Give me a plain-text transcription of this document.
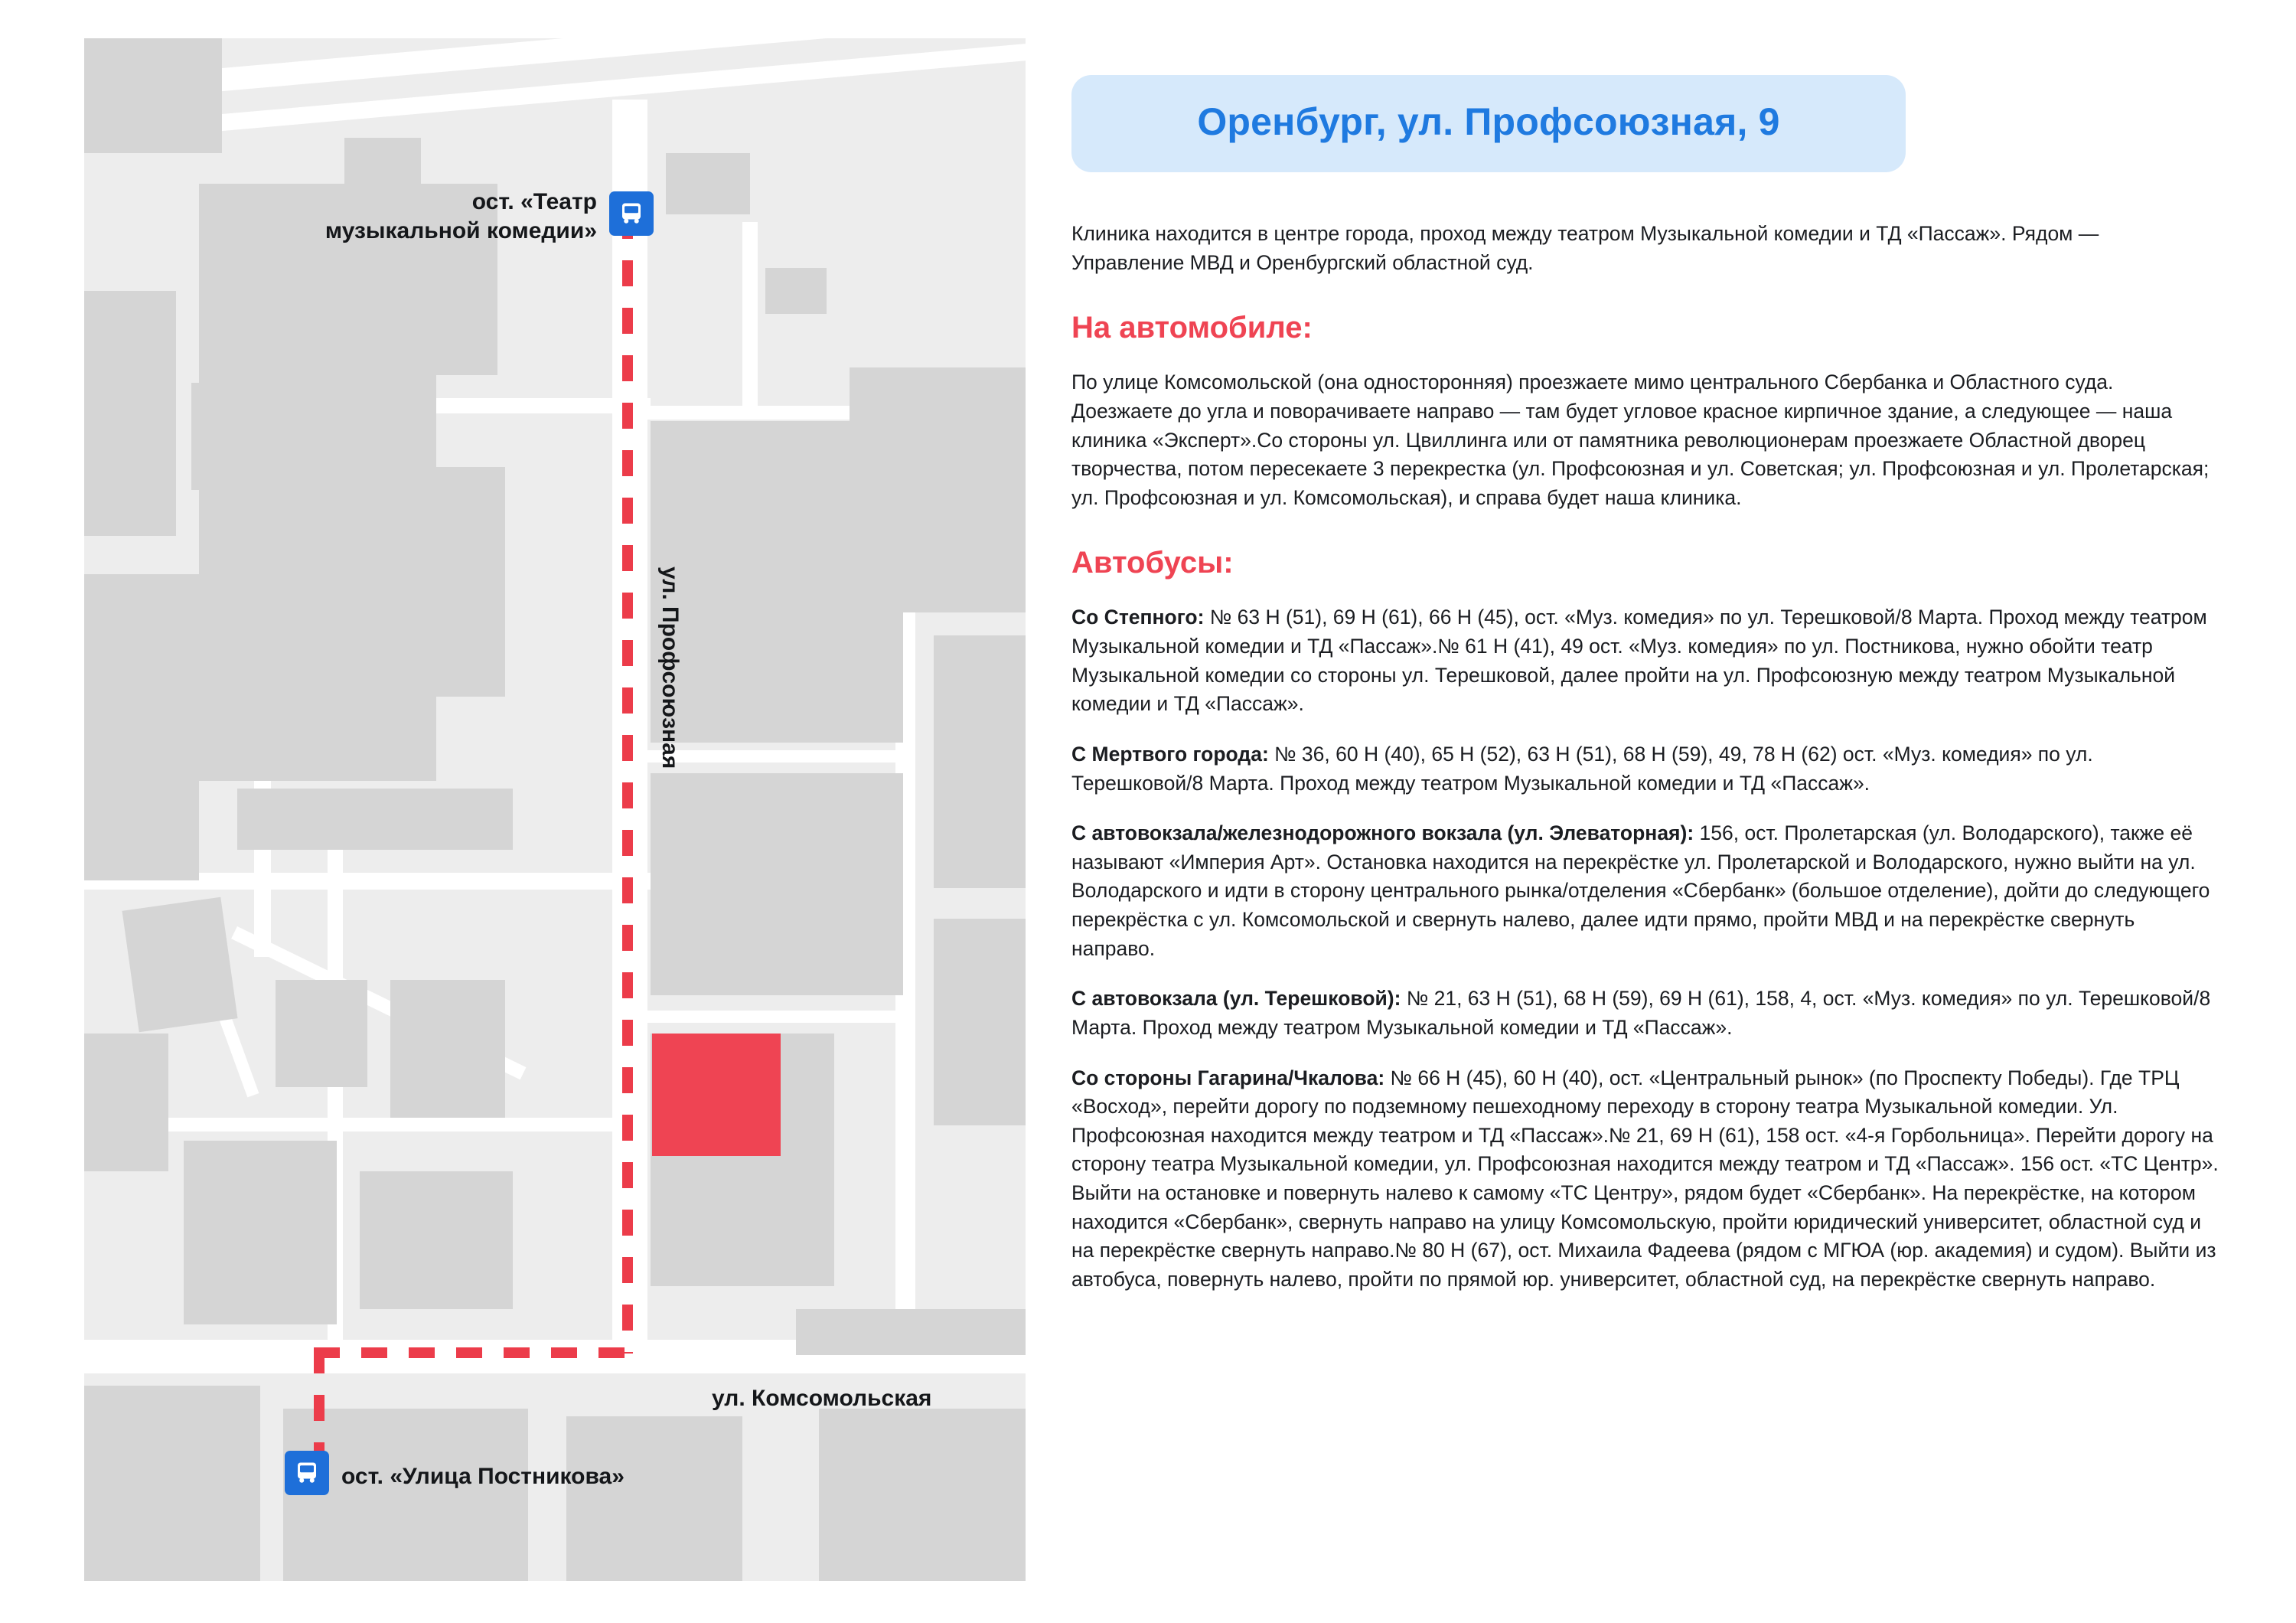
ост. «Театр
музыкальной комедии»
ост. «Улица Постникова»
ул. Профсоюзная
ул. Комсомольская
Оренбург, ул. Профсоюзная, 9
Клиника находится в центре города, проход между театром Музыкальной комедии и ТД «Пассаж». Рядом — Управление МВД и Оренбургский областной суд.
На автомобиле:

По улице Комсомольской (она односторонняя) проезжаете мимо центрального Сбербанка и Областного суда. Доезжаете до угла и поворачиваете направо — там будет угловое красное кирпичное здание, а следующее — наша клиника «Эксперт».Со стороны ул. Цвиллинга или от памятника революционерам проезжаете Областной дворец творчества, потом пересекаете 3 перекрестка (ул. Профсоюзная и ул. Советская; ул. Профсоюзная и ул. Пролетарская; ул. Профсоюзная и ул. Комсомольская), и справа будет наша клиника.

Автобусы:

Со Степного: № 63 Н (51), 69 Н (61), 66 Н (45), ост. «Муз. комедия» по ул. Терешковой/8 Марта. Проход между театром Музыкальной комедии и ТД «Пассаж».№ 61 Н (41), 49 ост. «Муз. комедия» по ул. Постникова, нужно обойти театр Музыкальной комедии со стороны ул. Терешковой, далее пройти на ул. Профсоюзную между театром Музыкальной комедии и ТД «Пассаж».

С Мертвого города: № 36, 60 Н (40), 65 Н (52), 63 Н (51), 68 Н (59), 49, 78 Н (62) ост. «Муз. комедия» по ул. Терешковой/8 Марта. Проход между театром Музыкальной комедии и ТД «Пассаж».

С автовокзала/железнодорожного вокзала (ул. Элеваторная): 156, ост. Пролетарская (ул. Володарского), также её называют «Империя Арт». Остановка находится на перекрёстке ул. Пролетарской и Володарского, нужно выйти на ул. Володарского и идти в сторону центрального рынка/отделения «Сбербанк» (большое отделение), дойти до следующего перекрёстка с ул. Комсомольской и свернуть налево, далее идти прямо, пройти МВД и на перекрёстке свернуть направо.

С автовокзала (ул. Терешковой): № 21, 63 Н (51), 68 Н (59), 69 Н (61), 158, 4, ост. «Муз. комедия» по ул. Терешковой/8 Марта. Проход между театром Музыкальной комедии и ТД «Пассаж».

Со стороны Гагарина/Чкалова: № 66 Н (45), 60 Н (40), ост. «Центральный рынок» (по Проспекту Победы). Где ТРЦ «Восход», перейти дорогу по подземному пешеходному переходу в сторону театра Музыкальной комедии. Ул. Профсоюзная находится между театром и ТД «Пассаж».№ 21, 69 Н (61), 158 ост. «4-я Горбольница». Перейти дорогу на сторону театра Музыкальной комедии, ул. Профсоюзная находится между театром и ТД «Пассаж». 156 ост. «ТС Центр». Выйти на остановке и повернуть налево к самому «ТС Центру», рядом будет «Сбербанк». На перекрёстке, на котором находится «Сбербанк», свернуть направо на улицу Комсомольскую, пройти юридический университет, областной суд и на перекрёстке свернуть направо.№ 80 Н (67), ост. Михаила Фадеева (рядом с МГЮА (юр. академия) и судом). Выйти из автобуса, повернуть налево, пройти по прямой юр. университет, областной суд, на перекрёстке свернуть направо.
